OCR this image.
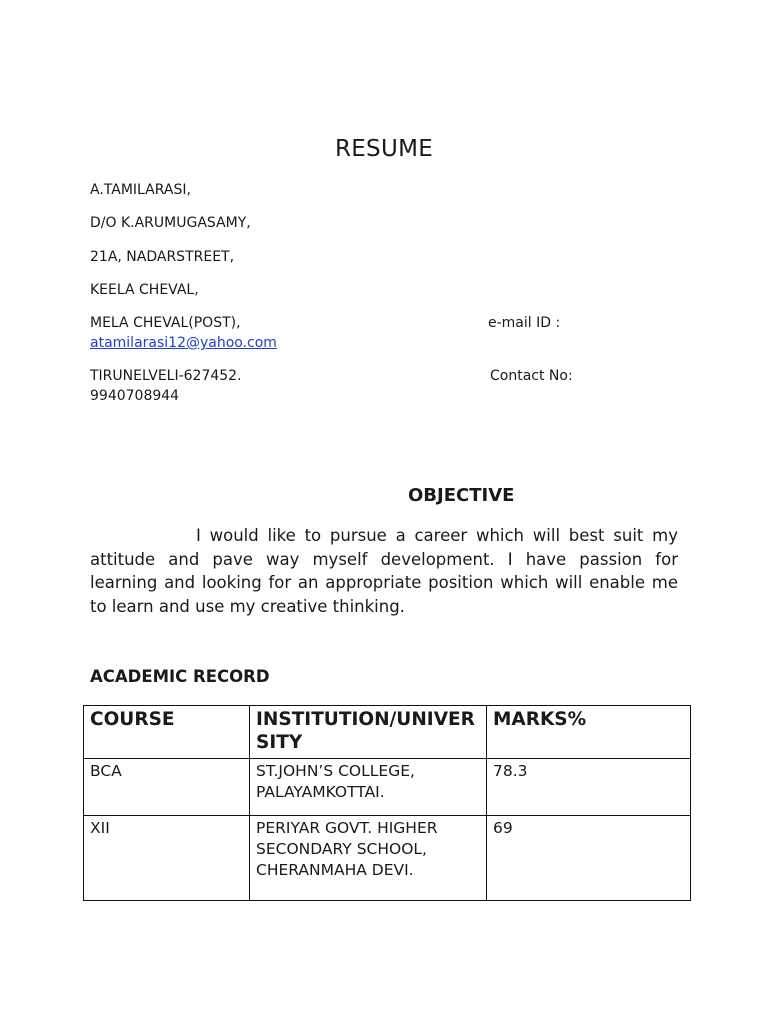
RESUME
A.TAMILARASI,
D/O K.ARUMUGASAMY,
21A, NADARSTREET,
KEELA CHEVAL,
MELA CHEVAL(POST),	e-mail ID :
atamilarasi12@yahoo.com
TIRUNELVELI-627452.	Contact No:
9940708944
OBJECTIVE
I would like to pursue a career which will best suit my attitude and pave way myself development. I have passion for learning and looking for an appropriate position which will enable me to learn and use my creative thinking.
ACADEMIC RECORD
COURSE	INSTITUTION/UNIVERSITY	MARKS%
BCA	ST.JOHN’S COLLEGE, PALAYAMKOTTAI.	78.3
XII	PERIYAR GOVT. HIGHER SECONDARY SCHOOL, CHERANMAHA DEVI.	69
